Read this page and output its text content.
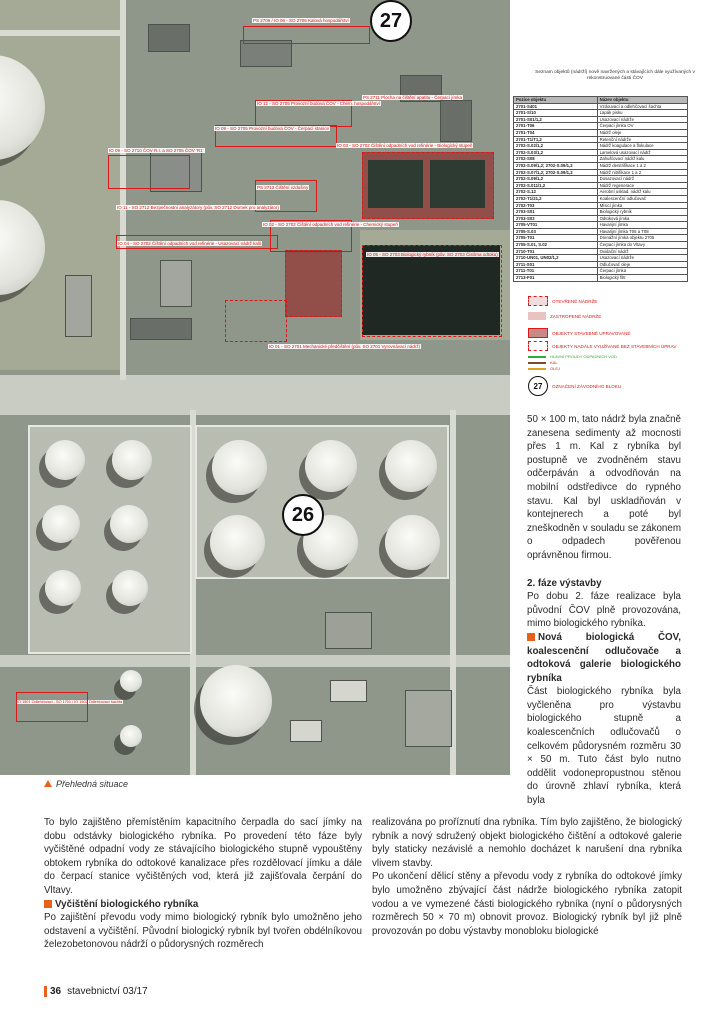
PS 2706 / IO 06 - SO 2706 Kalová hospodářství
IO 12 - SO 2705 Provozní budova ČOV - Chem. hospodářství
PS 2711 Plocha na čištění apatitu - Čerpací jímka
IO 09 - SO 2705 Provozní budova ČOV - Čerpací stanice
IO 09 - SO 2710 ČOV R.I. a SO 2705 ČOV 'R1'
IO 03 - SO 2702 Čištění odpadních vod refinérie - Biologický stupeň
PS 2713 Čištění vzdušiny
IO 11 - SO 2712 Bezpečnostní analyzátory (pův. SO 2712 Domek pro analyzátor)
IO 02 - SO 2702 Čištění odpadních vod refinérie - Chemický stupeň
IO 04 - SO 2702 Čištění odpadních vod refinérie - Usazovací nádrž kalů
IO 05 - SO 2703 Biologický rybník (pův. SO 2703 Čistírna odtoku)
IO 01 - SO 2701 Mechanické předčištění (pův. SO 2701 Vyrovnávací nádrž)
IO 1501 Odlehčovací - SO 1701 / IO 1502 Odlehčovací šachta
27
26
Seznam objektů (nádrží) nově navržených a stávajících dále využívaných v rekonstruované části ČOV
Pozice objektu	Název objektu
2701-S401	Vzdouvací a odlehčovací šachta
2701-S/10	Lapák pisku
2701-S01/1,2	Usazovací nádrže
2701-T06	Čerpací jímka OV
2701-T04	Nádrž oleje
2701-T1/T1,2	Retenční nádrže
2702-S.02/1,2	Nádrž koagulace a flokulace
2702-S.03/1,2	Lamelová usazovací nádrž
2702-S08	Zahušťovací nádrž kalu
2702-S.09/1,2; 2702-S.09/1,2	Nádrž denitrifikace 1 a 2
2702-S.07/1,2; 2702-S.09/1,2	Nádrž nitrifikace 1 a 2
2702-S.09/1,2	Dosazovací nádrž
2702-S.011/1,2	Nádrž regenerace
2702-S.12	Aerobní usklad. nádrž kalu
2702-T1/21,2	Koalescenční odlučovač
2702-T03	Mísicí jímka
2703-S01	Biologický rybník
2703-S02	Odtoková jímka
2705-VT01	Havarijní jímka
2705-S.03	Havarijní jímka T06 a T08
2705-T01	Drenážní jímka objektu 2705
2705-S.01, S.02	Čerpací jímka do Vltavy
2710-T01	Oxidační nádrž
2710-UN01, UN02/1,2	Usazovací nádrže
2711-S01	Odlučovač oleje
2711-T01	Čerpací jímka
2713-F01	Biologický filtr
OTEVŘENÉ NÁDRŽE
ZASTROPENÉ NÁDRŽE
OBJEKTY STAVEBNĚ UPRAVOVANÉ
OBJEKTY NADÁLE VYUŽÍVANÉ BEZ STAVEBNÍCH ÚPRAV
HLAVNÍ PROUDY ODPADNÍCH VOD
KAL
OLEJ
27	OZNAČENÍ ZÁVODNÍHO BLOKU
Přehledná situace

50 × 100 m, tato nádrž byla značně zanesena sedimenty až mocnosti přes 1 m. Kal z rybníka byl postupně ve zvodněném stavu odčerpáván a odvodňován na mobilní odstředivce do rypného stavu. Kal byl uskladňován v kontejnerech a poté byl zneškodněn v souladu se zákonem o odpadech pověřenou oprávněnou firmou.

2. fáze výstavby

Po dobu 2. fáze realizace byla původní ČOV plně provozována, mimo biologického rybníka.

Nová biologická ČOV, koalescenční odlučovače a odtoková galerie biologického rybníka

Část biologického rybníka byla vyčleněna pro výstavbu biologického stupně a koalescenčních odlučovačů o celkovém půdorysném rozměru 30 × 50 m. Tuto část bylo nutno oddělit vodonepropustnou stěnou do úrovně zhlaví rybníka, která byla

To bylo zajištěno přemístěním kapacitního čerpadla do sací jímky na dobu odstávky biologického rybníka. Po provedení této fáze byly vyčištěné odpadní vody ze stávajícího biologického stupně vypouštěny obtokem rybníka do odtokové kanalizace přes rozdělovací jímku a dále do čerpací stanice vyčištěných vod, která již zajišťovala čerpání do Vltavy.

Vyčištění biologického rybníka

Po zajištění převodu vody mimo biologický rybník bylo umožněno jeho odstavení a vyčištění. Původní biologický rybník byl tvořen obdélníkovou železobetonovou nádrží o půdorysných rozměrech

realizována po proříznutí dna rybníka. Tím bylo zajištěno, že biologický rybník a nový sdružený objekt biologického čištění a odtokové galerie byly staticky nezávislé a nemohlo docházet k narušení dna rybníka vlivem stavby.

Po ukončení dělicí stěny a převodu vody z rybníka do odtokové jímky bylo umožněno zbývající část nádrže biologického rybníka zatopit vodou a ve vymezené části biologického rybníka (nyní o půdorysných rozměrech 50 × 70 m) obnovit provoz. Biologický rybník byl již plně provozován po dobu výstavby monobloku biologické

36 stavebnictví 03/17
